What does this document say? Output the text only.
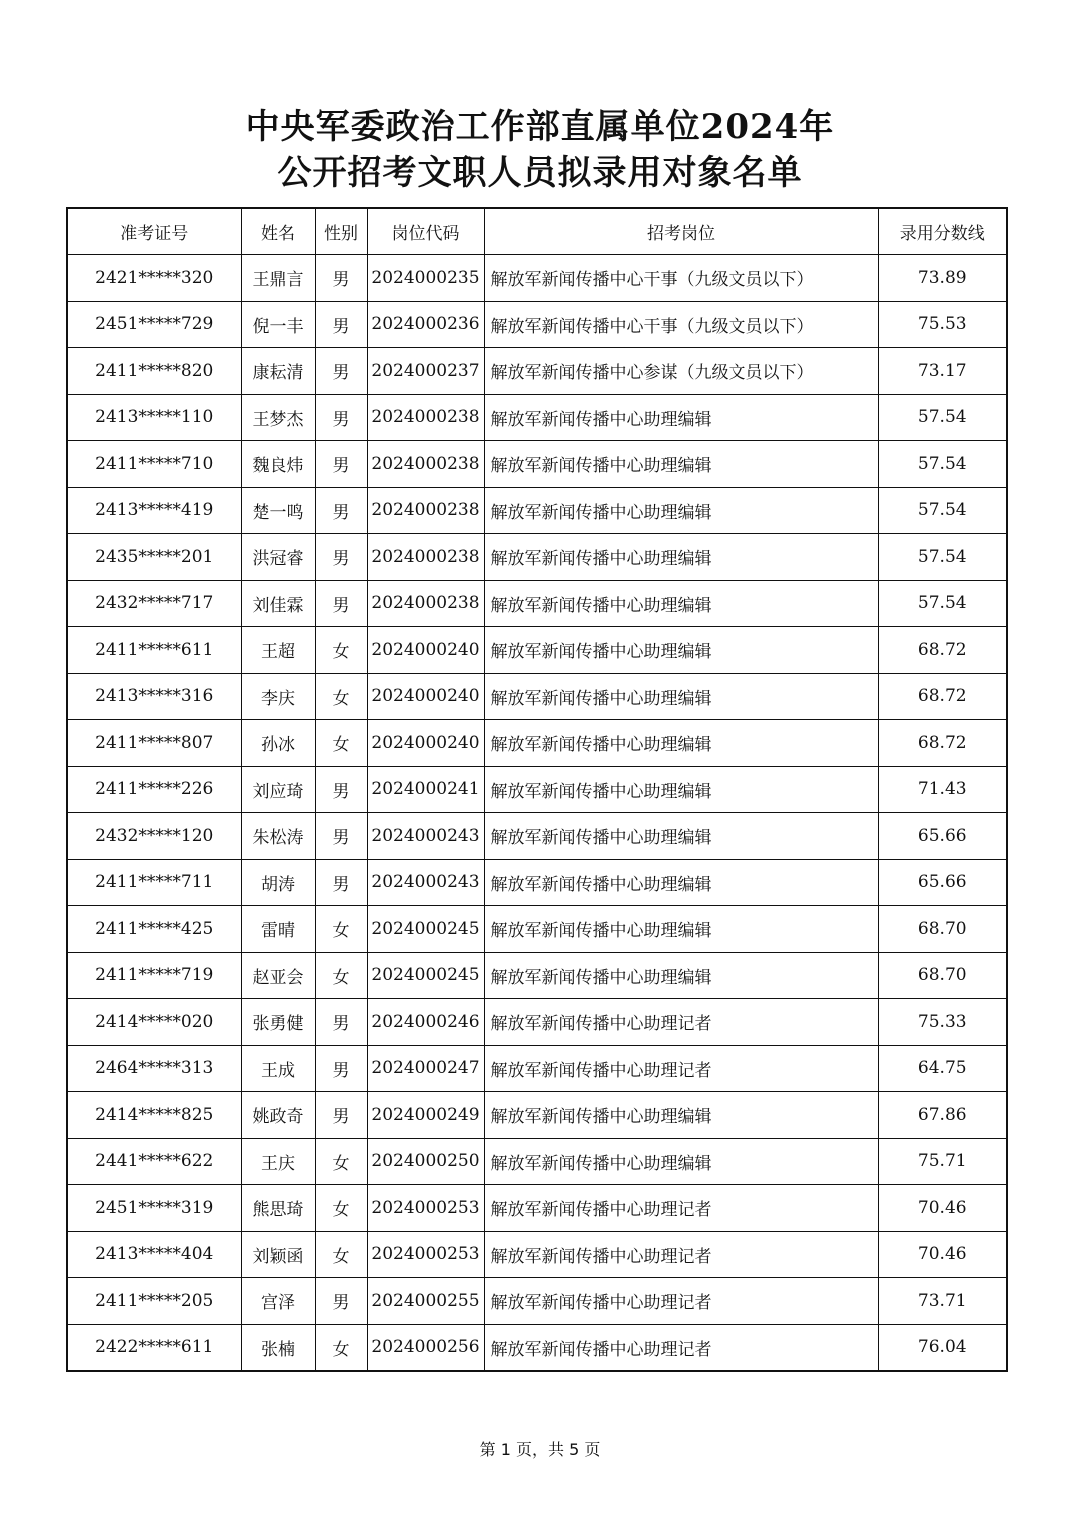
中央军委政治工作部直属单位2024年
公开招考文职人员拟录用对象名单
准考证号	姓名	性别	岗位代码	招考岗位	录用分数线
2421*****320	王鼎言	男	2024000235	解放军新闻传播中心干事（九级文员以下）	73.89
2451*****729	倪一丰	男	2024000236	解放军新闻传播中心干事（九级文员以下）	75.53
2411*****820	康耘清	男	2024000237	解放军新闻传播中心参谋（九级文员以下）	73.17
2413*****110	王梦杰	男	2024000238	解放军新闻传播中心助理编辑	57.54
2411*****710	魏良炜	男	2024000238	解放军新闻传播中心助理编辑	57.54
2413*****419	楚一鸣	男	2024000238	解放军新闻传播中心助理编辑	57.54
2435*****201	洪冠睿	男	2024000238	解放军新闻传播中心助理编辑	57.54
2432*****717	刘佳霖	男	2024000238	解放军新闻传播中心助理编辑	57.54
2411*****611	王超	女	2024000240	解放军新闻传播中心助理编辑	68.72
2413*****316	李庆	女	2024000240	解放军新闻传播中心助理编辑	68.72
2411*****807	孙冰	女	2024000240	解放军新闻传播中心助理编辑	68.72
2411*****226	刘应琦	男	2024000241	解放军新闻传播中心助理编辑	71.43
2432*****120	朱松涛	男	2024000243	解放军新闻传播中心助理编辑	65.66
2411*****711	胡涛	男	2024000243	解放军新闻传播中心助理编辑	65.66
2411*****425	雷晴	女	2024000245	解放军新闻传播中心助理编辑	68.70
2411*****719	赵亚会	女	2024000245	解放军新闻传播中心助理编辑	68.70
2414*****020	张勇健	男	2024000246	解放军新闻传播中心助理记者	75.33
2464*****313	王成	男	2024000247	解放军新闻传播中心助理记者	64.75
2414*****825	姚政奇	男	2024000249	解放军新闻传播中心助理编辑	67.86
2441*****622	王庆	女	2024000250	解放军新闻传播中心助理编辑	75.71
2451*****319	熊思琦	女	2024000253	解放军新闻传播中心助理记者	70.46
2413*****404	刘颖函	女	2024000253	解放军新闻传播中心助理记者	70.46
2411*****205	宫泽	男	2024000255	解放军新闻传播中心助理记者	73.71
2422*****611	张楠	女	2024000256	解放军新闻传播中心助理记者	76.04
第 1 页，共 5 页
